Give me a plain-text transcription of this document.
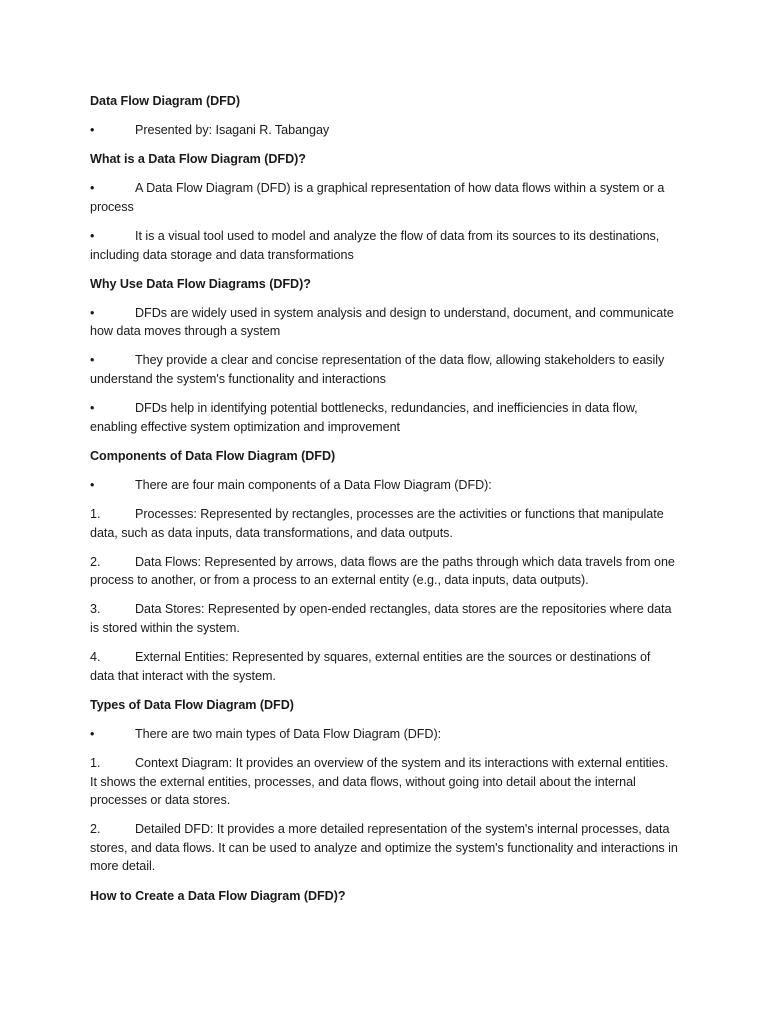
Data Flow Diagram (DFD)
•	Presented by: Isagani R. Tabangay
What is a Data Flow Diagram (DFD)?
•	A Data Flow Diagram (DFD) is a graphical representation of how data flows within a system or a process
•	It is a visual tool used to model and analyze the flow of data from its sources to its destinations, including data storage and data transformations
Why Use Data Flow Diagrams (DFD)?
•	DFDs are widely used in system analysis and design to understand, document, and communicate how data moves through a system
•	They provide a clear and concise representation of the data flow, allowing stakeholders to easily understand the system's functionality and interactions
•	DFDs help in identifying potential bottlenecks, redundancies, and inefficiencies in data flow, enabling effective system optimization and improvement
Components of Data Flow Diagram (DFD)
•	There are four main components of a Data Flow Diagram (DFD):
1.	Processes: Represented by rectangles, processes are the activities or functions that manipulate data, such as data inputs, data transformations, and data outputs.
2.	Data Flows: Represented by arrows, data flows are the paths through which data travels from one process to another, or from a process to an external entity (e.g., data inputs, data outputs).
3.	Data Stores: Represented by open-ended rectangles, data stores are the repositories where data is stored within the system.
4.	External Entities: Represented by squares, external entities are the sources or destinations of data that interact with the system.
Types of Data Flow Diagram (DFD)
•	There are two main types of Data Flow Diagram (DFD):
1.	Context Diagram: It provides an overview of the system and its interactions with external entities. It shows the external entities, processes, and data flows, without going into detail about the internal processes or data stores.
2.	Detailed DFD: It provides a more detailed representation of the system's internal processes, data stores, and data flows. It can be used to analyze and optimize the system's functionality and interactions in more detail.
How to Create a Data Flow Diagram (DFD)?
